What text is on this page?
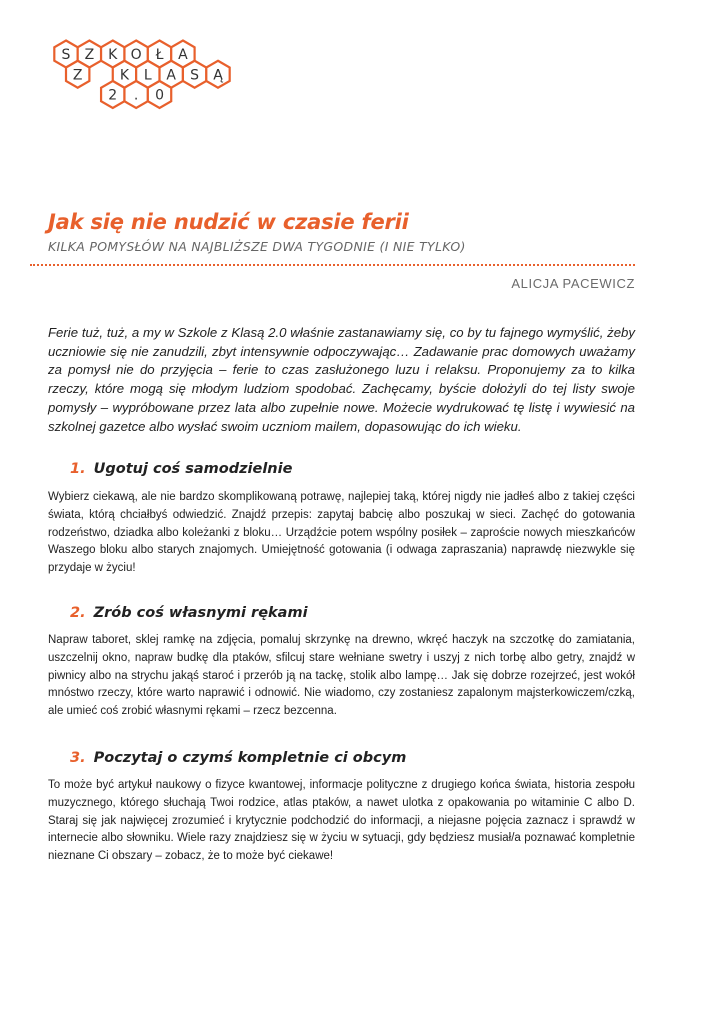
S Z K O Ł A
Z	K L A S Ą
2 . 0
Jak się nie nudzić w czasie ferii
KILKA POMYSŁÓW NA NAJBLIŻSZE DWA TYGODNIE (I NIE TYLKO)
ALICJA PACEWICZ

Ferie tuż, tuż, a my w Szkole z Klasą 2.0 właśnie zastanawiamy się, co by tu fajnego wymyślić, żeby uczniowie się nie zanudzili, zbyt intensywnie odpoczywając… Zadawanie prac domowych uważamy za pomysł nie do przyjęcia – ferie to czas zasłużonego luzu i relaksu. Proponujemy za to kilka rzeczy, które mogą się młodym ludziom spodobać. Zachęcamy, byście dołożyli do tej listy swoje pomysły – wypróbowane przez lata albo zupełnie nowe. Możecie wydrukować tę listę i wywiesić na szkolnej gazetce albo wysłać swoim uczniom mailem, dopasowując do ich wieku.

1. Ugotuj coś samodzielnie

Wybierz ciekawą, ale nie bardzo skomplikowaną potrawę, najlepiej taką, której nigdy nie jadłeś albo z takiej części świata, którą chciałbyś odwiedzić. Znajdź przepis: zapytaj babcię albo poszukaj w sieci. Zachęć do gotowania rodzeństwo, dziadka albo koleżanki z bloku… Urządźcie potem wspólny posiłek – zaproście nowych mieszkańców Waszego bloku albo starych znajomych. Umiejętność gotowania (i odwaga zapraszania) naprawdę niezwykle się przydaje w życiu!

2. Zrób coś własnymi rękami

Napraw taboret, sklej ramkę na zdjęcia, pomaluj skrzynkę na drewno, wkręć haczyk na szczotkę do zamiatania, uszczelnij okno, napraw budkę dla ptaków, sfilcuj stare wełniane swetry i uszyj z nich torbę albo getry, znajdź w piwnicy albo na strychu jakąś staroć i przerób ją na tackę, stolik albo lampę… Jak się dobrze rozejrzeć, jest wokół mnóstwo rzeczy, które warto naprawić i odnowić. Nie wiadomo, czy zostaniesz zapalonym majsterkowiczem/czką, ale umieć coś zrobić własnymi rękami – rzecz bezcenna.

3. Poczytaj o czymś kompletnie ci obcym

To może być artykuł naukowy o fizyce kwantowej, informacje polityczne z drugiego końca świata, historia zespołu muzycznego, którego słuchają Twoi rodzice, atlas ptaków, a nawet ulotka z opakowania po witaminie C albo D. Staraj się jak najwięcej zrozumieć i krytycznie podchodzić do informacji, a niejasne pojęcia zaznacz i sprawdź w internecie albo słowniku. Wiele razy znajdziesz się w życiu w sytuacji, gdy będziesz musiał/a poznawać kompletnie nieznane Ci obszary – zobacz, że to może być ciekawe!
